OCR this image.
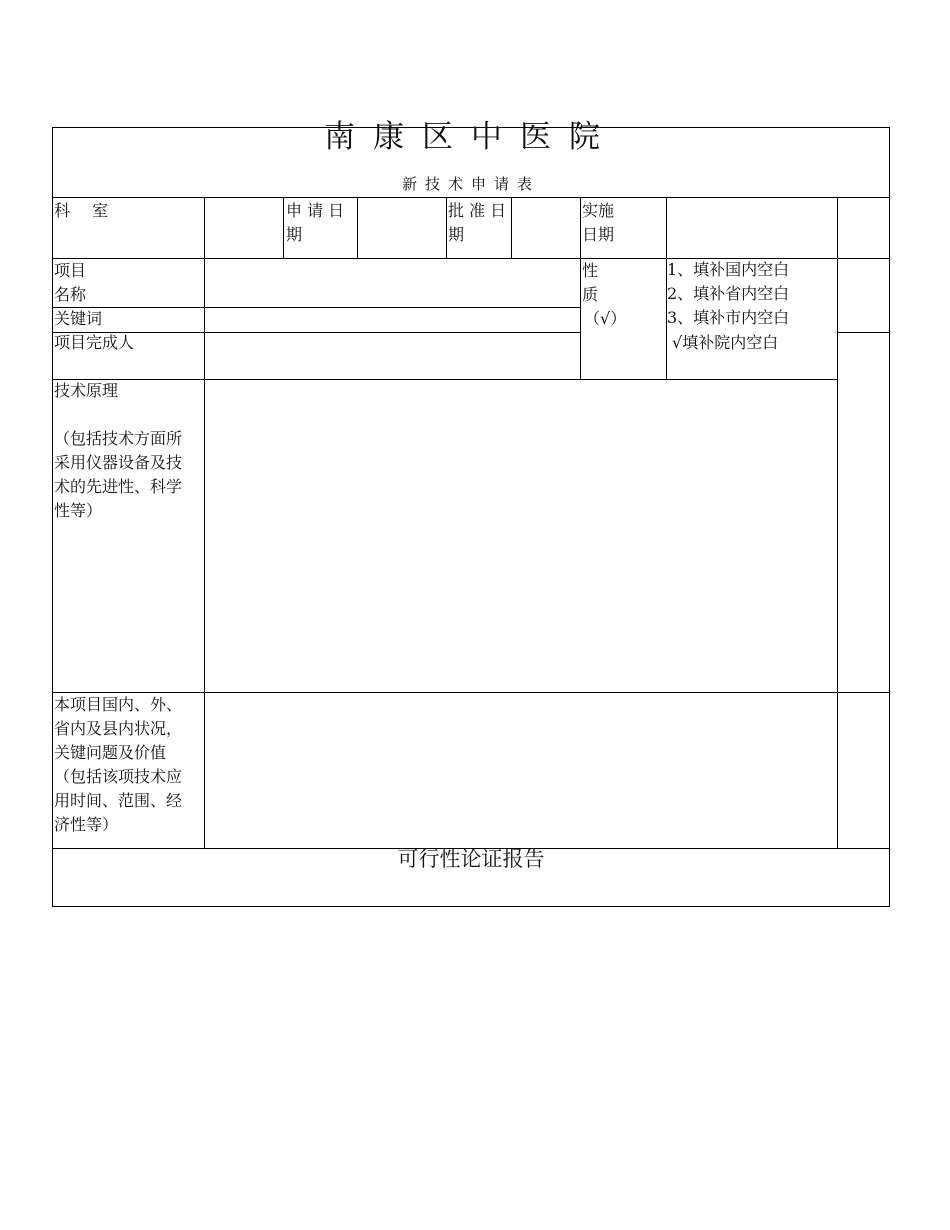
南康区中医院
新技术申请表
科  室	申 请 日
期
批 准 日
期
实施
日期
项目
名称
关键词
项目完成人
性
质
（√）
1、填补国内空白
2、填补省内空白
3、填补市内空白
√填补院内空白
技术原理
（包括技术方面所
采用仪器设备及技
术的先进性、科学
性等）
本项目国内、外、
省内及县内状况，
关键问题及价值
（包括该项技术应
用时间、范围、经
济性等）
可行性论证报告
